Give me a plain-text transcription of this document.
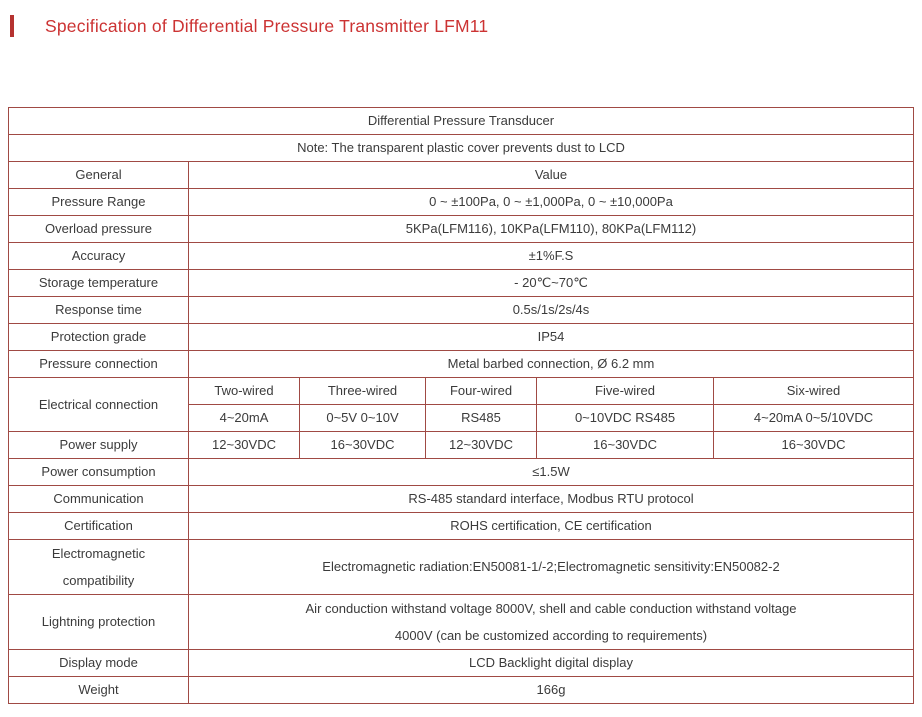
Specification of Differential Pressure Transmitter LFM11
Differential Pressure Transducer					
Note: The transparent plastic cover prevents dust to LCD					
General	Value				
Pressure Range	0 ~ ±100Pa, 0 ~ ±1,000Pa, 0 ~ ±10,000Pa				
Overload pressure	5KPa(LFM116), 10KPa(LFM110), 80KPa(LFM112)				
Accuracy	±1%F.S				
Storage temperature	- 20℃~70℃				
Response time	0.5s/1s/2s/4s				
Protection grade	IP54				
Pressure connection	Metal barbed connection, Ø 6.2 mm				
Electrical connection	Two-wired	Three-wired	Four-wired	Five-wired	Six-wired
	4~20mA	0~5V 0~10V	RS485	0~10VDC RS485	4~20mA 0~5/10VDC
Power supply	12~30VDC	16~30VDC	12~30VDC	16~30VDC	16~30VDC
Power consumption	≤1.5W				
Communication	RS-485 standard interface, Modbus RTU protocol				
Certification	ROHS certification, CE certification				

Electromagnetic
compatibility	Electromagnetic radiation:EN50081-1/-2;Electromagnetic sensitivity:EN50082-2				
Lightning protection	Air conduction withstand voltage 8000V, shell and cable conduction withstand voltage
4000V (can be customized according to requirements)				

Display mode	LCD Backlight digital display				
Weight	166g				
